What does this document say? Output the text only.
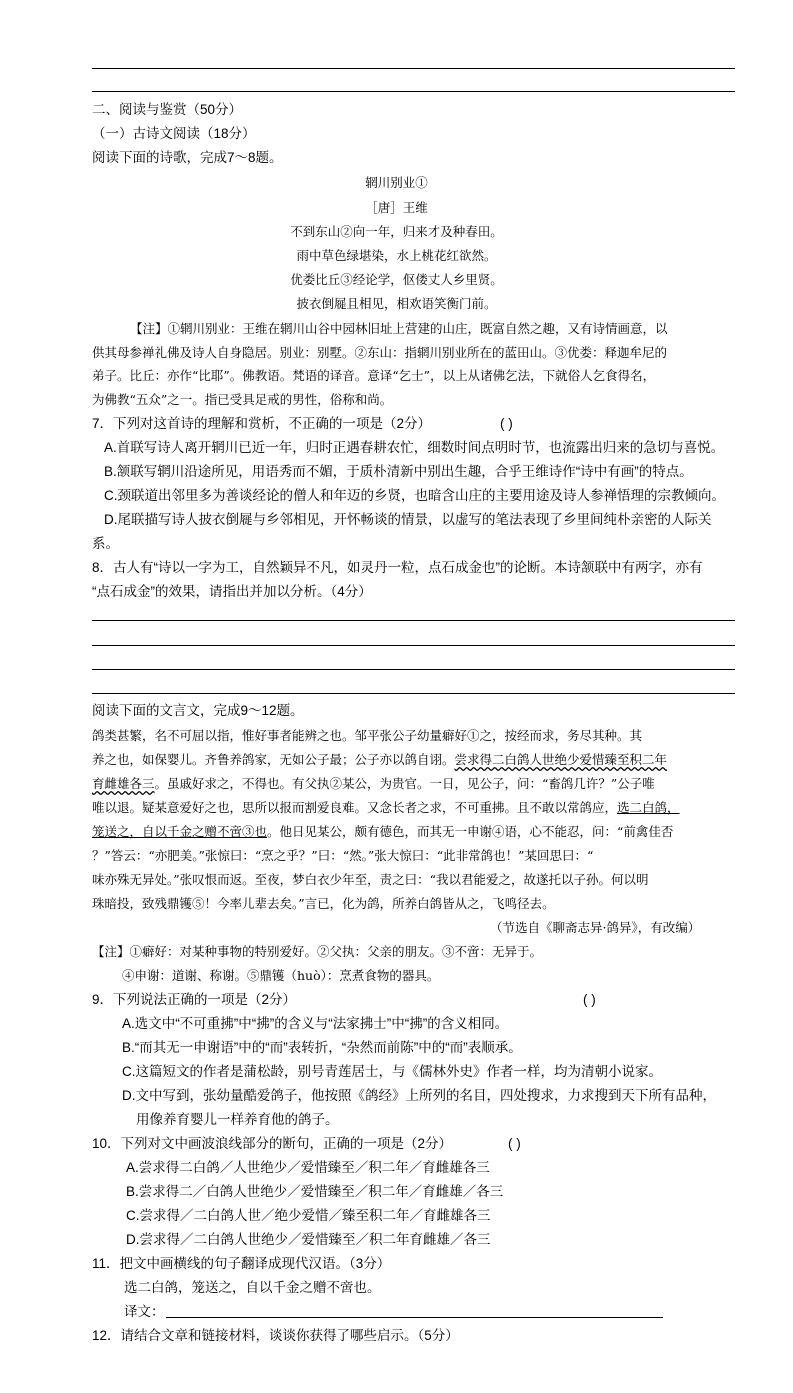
二、阅读与鉴赏（50分）
（一）古诗文阅读（18分）
阅读下面的诗歌，完成7～8题。
辋川别业①
［唐］王维
不到东山②向一年，归来才及种春田。
雨中草色绿堪染，水上桃花红欲然。
优娄比丘③经论学，伛偻丈人乡里贤。
披衣倒屣且相见，相欢语笑衡门前。
【注】①辋川别业：王维在辋川山谷中园林旧址上营建的山庄，既富自然之趣，又有诗情画意，以
供其母参禅礼佛及诗人自身隐居。别业：别墅。②东山：指辋川别业所在的蓝田山。③优娄：释迦牟尼的
弟子。比丘：亦作“比耶”。佛教语。梵语的译音。意译“乞士”，以上从诸佛乞法，下就俗人乞食得名，
为佛教“五众”之一。指已受具足戒的男性，俗称和尚。
7．下列对这首诗的理解和赏析，不正确的一项是（2分）	( )
A.首联写诗人离开辋川已近一年，归时正遇春耕农忙，细数时间点明时节，也流露出归来的急切与喜悦。
B.颔联写辋川沿途所见，用语秀而不媚，于质朴清新中别出生趣，合乎王维诗作“诗中有画”的特点。
C.颈联道出邻里多为善谈经论的僧人和年迈的乡贤，也暗含山庄的主要用途及诗人参禅悟理的宗教倾向。
D.尾联描写诗人披衣倒屣与乡邻相见，开怀畅谈的情景，以虚写的笔法表现了乡里间纯朴亲密的人际关
系。
8．古人有“诗以一字为工，自然颖异不凡，如灵丹一粒，点石成金也”的论断。本诗颔联中有两字，亦有
“点石成金”的效果，请指出并加以分析。（4分）
阅读下面的文言文，完成9～12题。
鸽类甚繁，名不可屈以指，惟好事者能辨之也。邹平张公子幼量癖好①之，按经而求，务尽其种。其
养之也，如保婴儿。齐鲁养鸽家，无如公子最；公子亦以鸽自诩。尝求得二白鸽人世绝少爱惜臻至积二年
育雌雄各三。虽戚好求之，不得也。有父执②某公，为贵官。一日，见公子，问：“畜鸽几许？”公子唯
唯以退。疑某意爱好之也，思所以报而割爱良难。又念长者之求，不可重拂。且不敢以常鸽应，选二白鸽，
笼送之，自以千金之赠不啻③也。他日见某公，颇有德色，而其无一申谢④语，心不能忍，问：“前禽佳否
？”答云：“亦肥美。”张惊曰：“烹之乎？”曰：“然。”张大惊曰：“此非常鸽也！”某回思曰：“
味亦殊无异处。”张叹恨而返。至夜，梦白衣少年至，责之曰：“我以君能爱之，故遂托以子孙。何以明
珠暗投，致残鼎镬⑤！今率儿辈去矣。”言已，化为鸽，所养白鸽皆从之，飞鸣径去。
（节选自《聊斋志异·鸽异》，有改编）
【注】①癖好：对某种事物的特别爱好。②父执：父亲的朋友。③不啻：无异于。
④申谢：道谢、称谢。⑤鼎镬（huò）：烹煮食物的器具。
9．下列说法正确的一项是（2分）	( )
A.选文中“不可重拂”中“拂”的含义与“法家拂士”中“拂”的含义相同。
B.“而其无一申谢语”中的“而”表转折，“杂然而前陈”中的“而”表顺承。
C.这篇短文的作者是蒲松龄，别号青莲居士，与《儒林外史》作者一样，均为清朝小说家。
D.文中写到，张幼量酷爱鸽子，他按照《鸽经》上所列的名目，四处搜求，力求搜到天下所有品种，
用像养育婴儿一样养育他的鸽子。
10．下列对文中画波浪线部分的断句，正确的一项是（2分）	( )
A.尝求得二白鸽／人世绝少／爱惜臻至／积二年／育雌雄各三
B.尝求得二／白鸽人世绝少／爱惜臻至／积二年／育雌雄／各三
C.尝求得／二白鸽人世／绝少爱惜／臻至积二年／育雌雄各三
D.尝求得／二白鸽人世绝少／爱惜臻至／积二年育雌雄／各三
11．把文中画横线的句子翻译成现代汉语。（3分）
选二白鸽，笼送之，自以千金之赠不啻也。
译文：
12．请结合文章和链接材料，谈谈你获得了哪些启示。（5分）
